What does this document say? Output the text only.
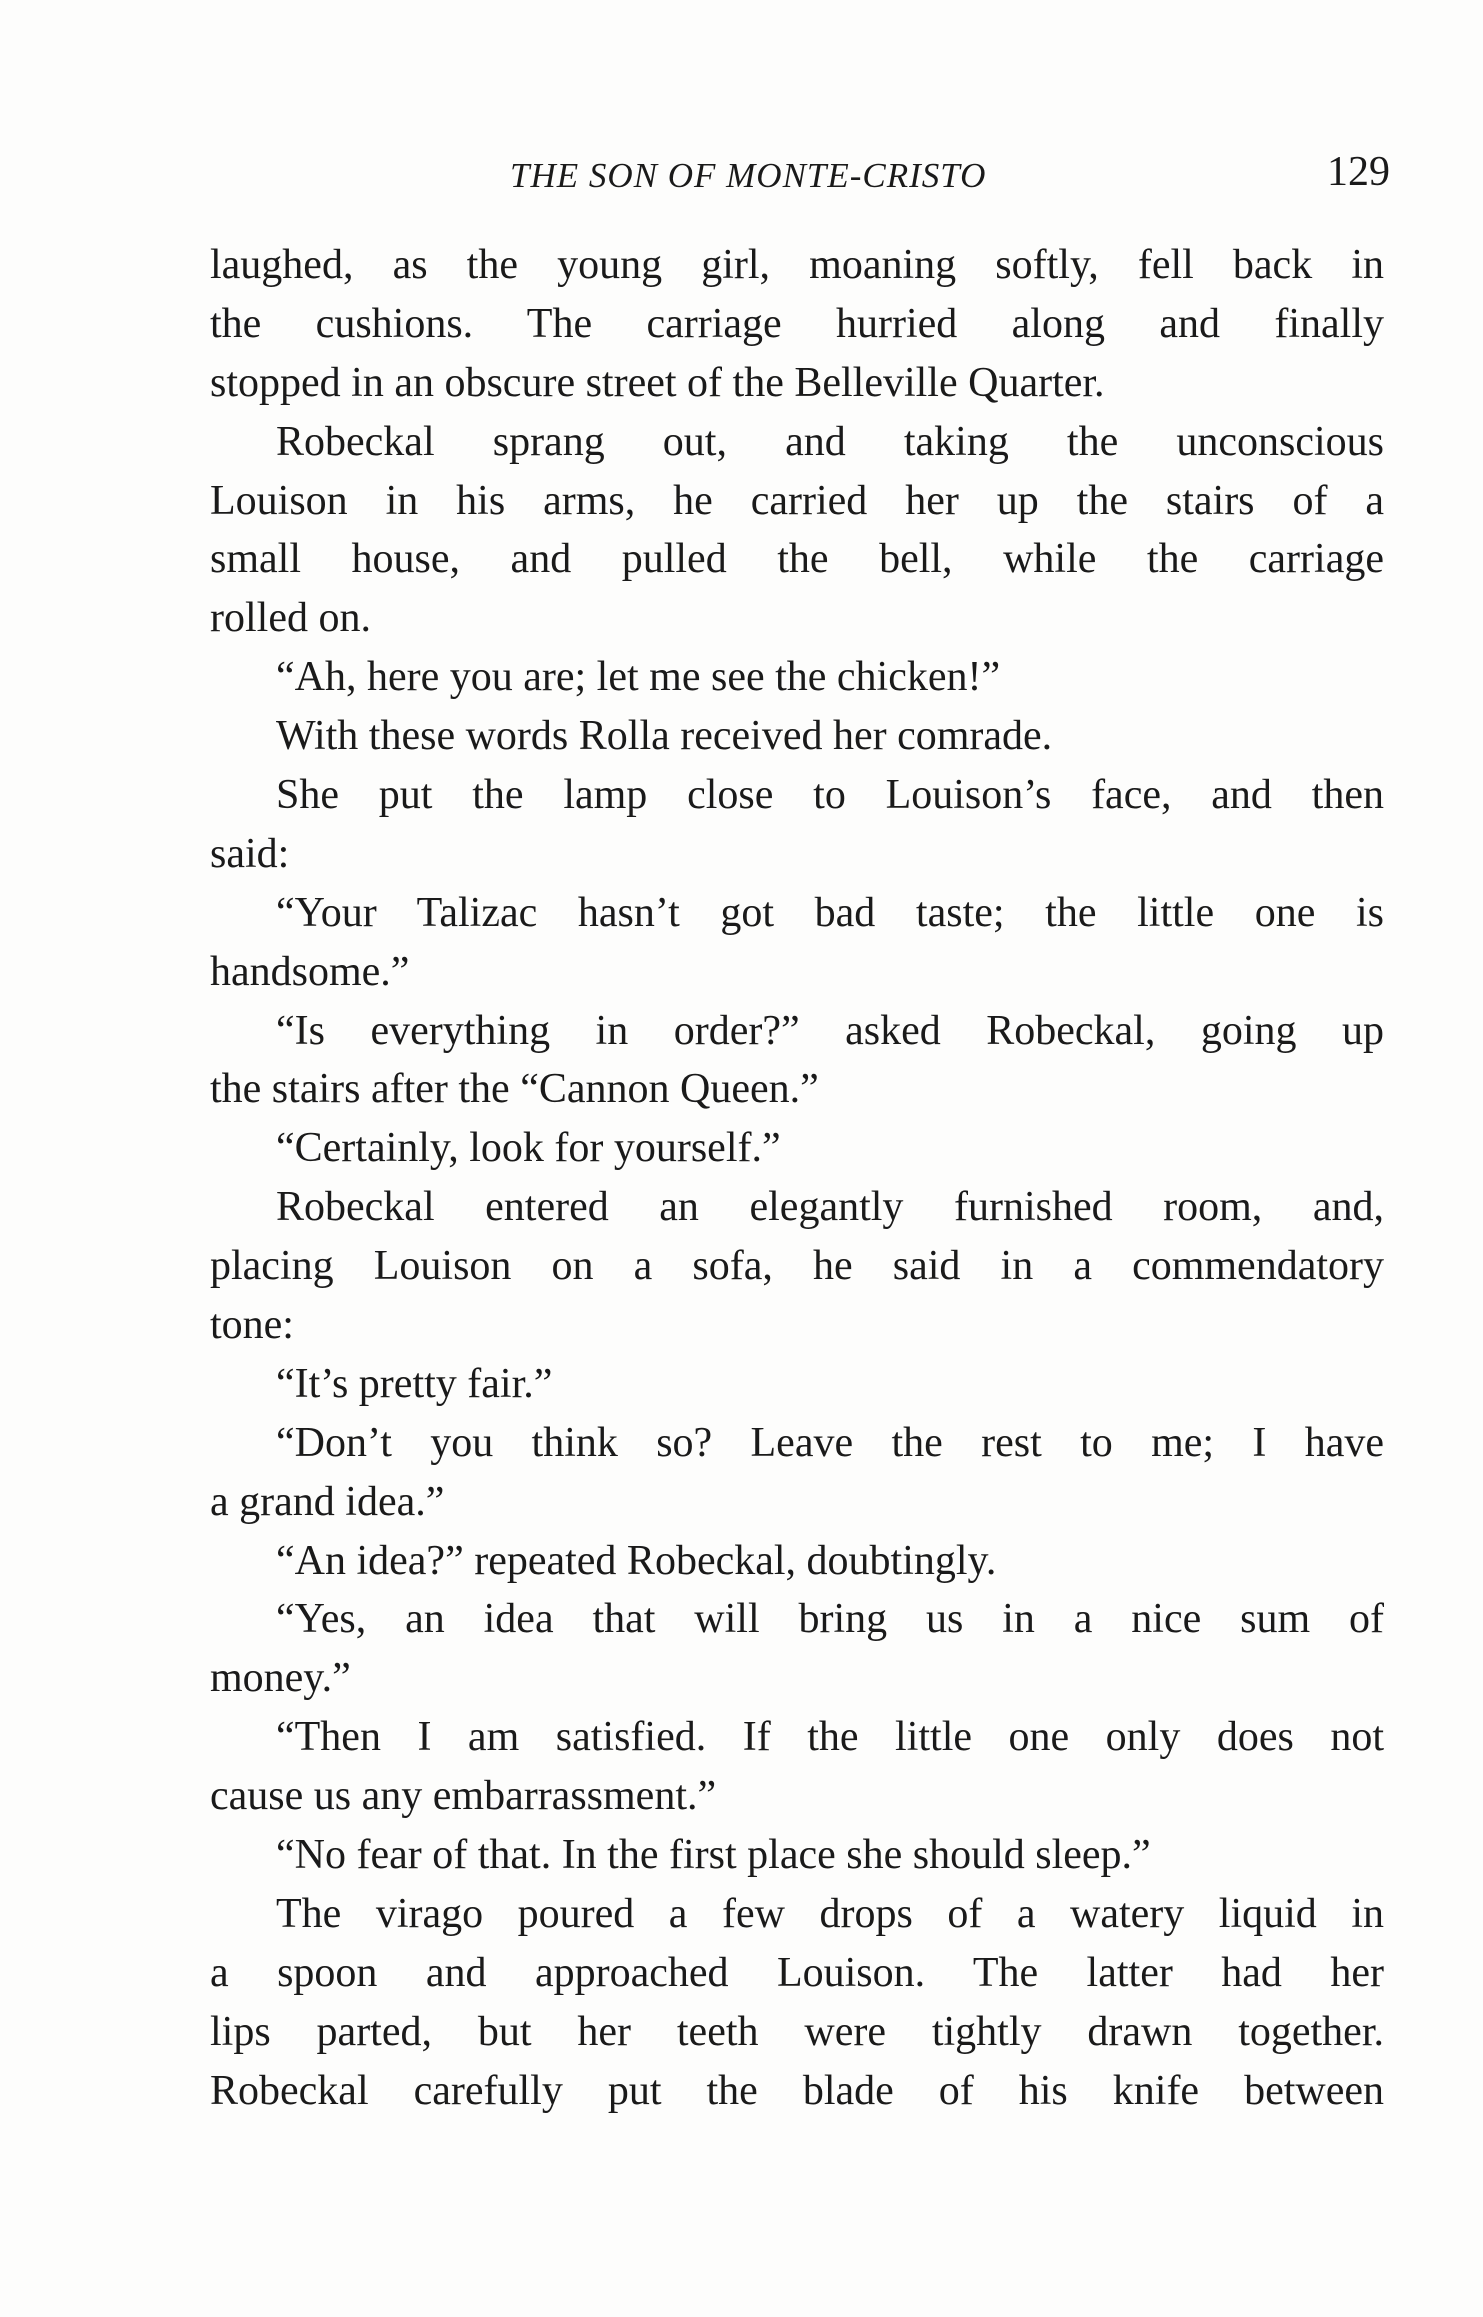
THE SON OF MONTE-CRISTO	129
laughed, as the young girl, moaning softly, fell back in
the cushions. The carriage hurried along and finally
stopped in an obscure street of the Belleville Quarter.
Robeckal sprang out, and taking the unconscious
Louison in his arms, he carried her up the stairs of a
small house, and pulled the bell, while the carriage
rolled on.
“Ah, here you are; let me see the chicken!”
With these words Rolla received her comrade.
She put the lamp close to Louison’s face, and then
said:
“Your Talizac hasn’t got bad taste; the little one is
handsome.”
“Is everything in order?” asked Robeckal, going up
the stairs after the “Cannon Queen.”
“Certainly, look for yourself.”
Robeckal entered an elegantly furnished room, and,
placing Louison on a sofa, he said in a commendatory
tone:
“It’s pretty fair.”
“Don’t you think so? Leave the rest to me; I have
a grand idea.”
“An idea?” repeated Robeckal, doubtingly.
“Yes, an idea that will bring us in a nice sum of
money.”
“Then I am satisfied. If the little one only does not
cause us any embarrassment.”
“No fear of that. In the first place she should sleep.”
The virago poured a few drops of a watery liquid in
a spoon and approached Louison. The latter had her
lips parted, but her teeth were tightly drawn together.
Robeckal carefully put the blade of his knife between
